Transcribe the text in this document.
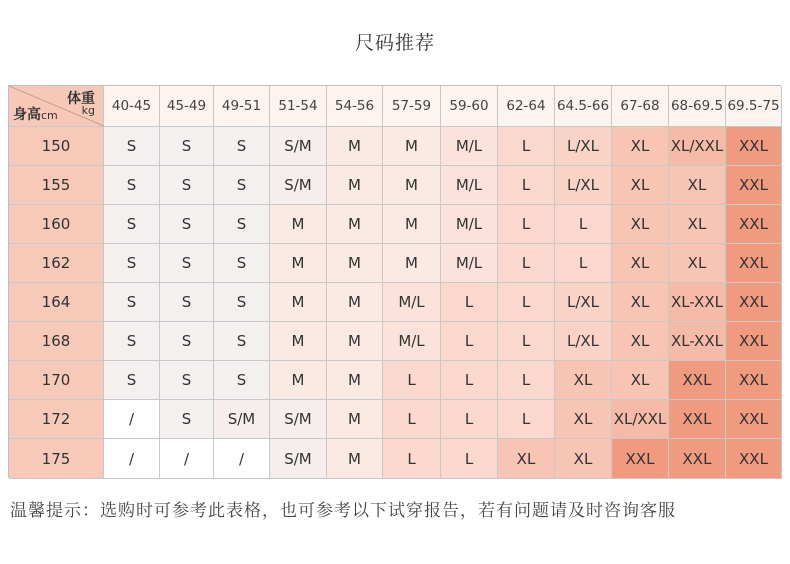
尺码推荐
体重
kg
身高cm
40-45	45-49	49-51	51-54	54-56	57-59	59-60	62-64 64.5-66 67-68 68-69.5 69.5-75
150	S	S	S	S/M	M	M	M/L	L	L/XL	XL	XL/XXL	XXL
155	S	S	S	S/M	M	M	M/L	L	L/XL	XL	XL	XXL
160	S	S	S	M	M	M	M/L	L	L	XL	XL	XXL
162	S	S	S	M	M	M	M/L	L	L	XL	XL	XXL
164	S	S	S	M	M	M/L	L	L	L/XL	XL	XL-XXL	XXL
168	S	S	S	M	M	M/L	L	L	L/XL	XL	XL-XXL	XXL
170	S	S	S	M	M	L	L	L	XL	XL	XXL	XXL
172	/	S	S/M	S/M	M	L	L	L	XL	XL/XXL	XXL	XXL
175	/	/	/	S/M	M	L	L	XL	XL	XXL	XXL	XXL
温馨提示：选购时可参考此表格，也可参考以下试穿报告，若有问题请及时咨询客服
